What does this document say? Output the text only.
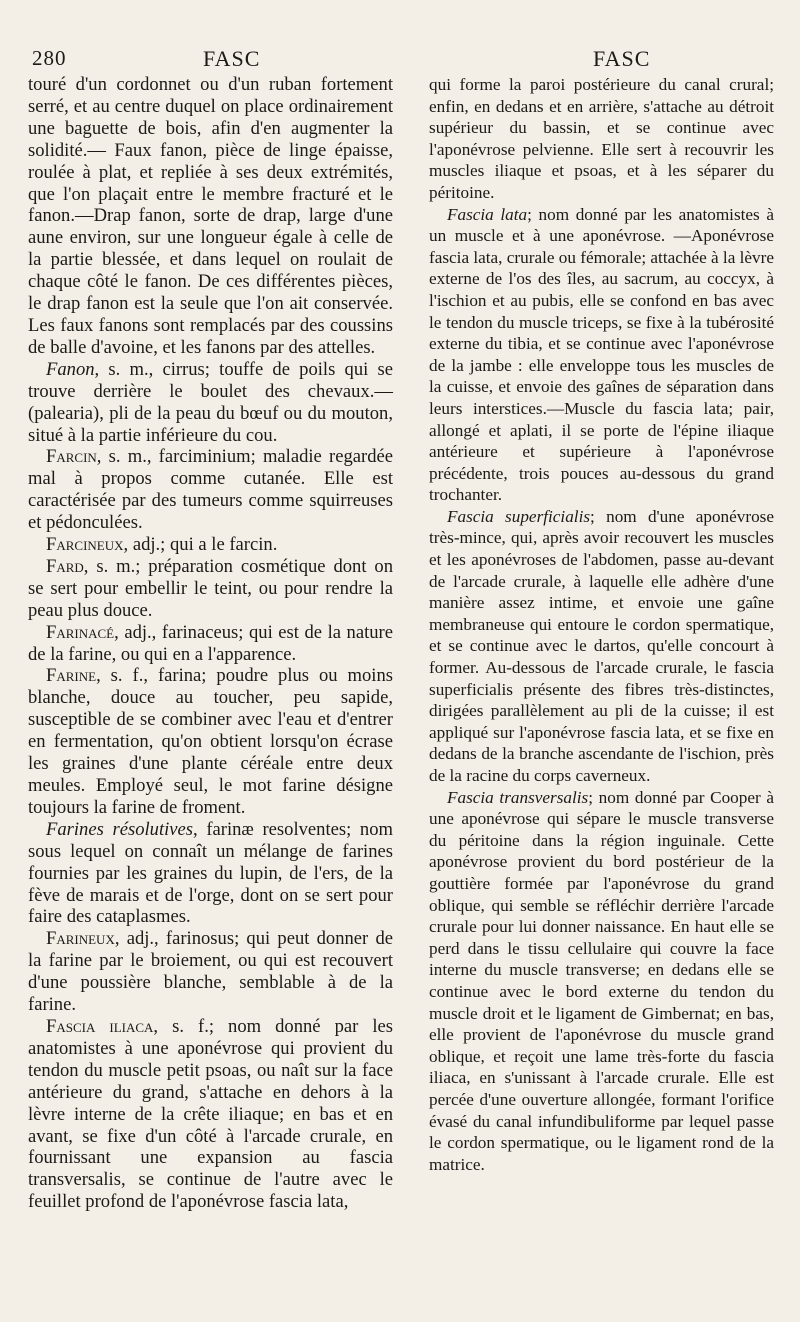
280	FASC	FASC

touré d'un cordonnet ou d'un ruban fortement serré, et au centre duquel on place ordinairement une baguette de bois, afin d'en augmenter la solidité.— Faux fanon, pièce de linge épaisse, roulée à plat, et repliée à ses deux extrémités, que l'on plaçait entre le membre fracturé et le fanon.—Drap fanon, sorte de drap, large d'une aune environ, sur une longueur égale à celle de la partie blessée, et dans lequel on roulait de chaque côté le fanon. De ces différentes pièces, le drap fanon est la seule que l'on ait conservée. Les faux fanons sont remplacés par des coussins de balle d'avoine, et les fanons par des attelles.

Fanon, s. m., cirrus; touffe de poils qui se trouve derrière le boulet des chevaux.—(palearia), pli de la peau du bœuf ou du mouton, situé à la partie inférieure du cou.

Farcin, s. m., farciminium; maladie regardée mal à propos comme cutanée. Elle est caractérisée par des tumeurs comme squirreuses et pédonculées.

Farcineux, adj.; qui a le farcin.

Fard, s. m.; préparation cosmétique dont on se sert pour embellir le teint, ou pour rendre la peau plus douce.

Farinacé, adj., farinaceus; qui est de la nature de la farine, ou qui en a l'apparence.

Farine, s. f., farina; poudre plus ou moins blanche, douce au toucher, peu sapide, susceptible de se combiner avec l'eau et d'entrer en fermentation, qu'on obtient lorsqu'on écrase les graines d'une plante céréale entre deux meules. Employé seul, le mot farine désigne toujours la farine de froment.

Farines résolutives, farinæ resolventes; nom sous lequel on connaît un mélange de farines fournies par les graines du lupin, de l'ers, de la fève de marais et de l'orge, dont on se sert pour faire des cataplasmes.

Farineux, adj., farinosus; qui peut donner de la farine par le broiement, ou qui est recouvert d'une poussière blanche, semblable à de la farine.

Fascia iliaca, s. f.; nom donné par les anatomistes à une aponévrose qui provient du tendon du muscle petit psoas, ou naît sur la face antérieure du grand, s'attache en dehors à la lèvre interne de la crête iliaque; en bas et en avant, se fixe d'un côté à l'arcade crurale, en fournissant une expansion au fascia transversalis, se continue de l'autre avec le feuillet profond de l'aponévrose fascia lata,

qui forme la paroi postérieure du canal crural; enfin, en dedans et en arrière, s'attache au détroit supérieur du bassin, et se continue avec l'aponévrose pelvienne. Elle sert à recouvrir les muscles iliaque et psoas, et à les séparer du péritoine.

Fascia lata; nom donné par les anatomistes à un muscle et à une aponévrose. —Aponévrose fascia lata, crurale ou fémorale; attachée à la lèvre externe de l'os des îles, au sacrum, au coccyx, à l'ischion et au pubis, elle se confond en bas avec le tendon du muscle triceps, se fixe à la tubérosité externe du tibia, et se continue avec l'aponévrose de la jambe : elle enveloppe tous les muscles de la cuisse, et envoie des gaînes de séparation dans leurs interstices.—Muscle du fascia lata; pair, allongé et aplati, il se porte de l'épine iliaque antérieure et supérieure à l'aponévrose précédente, trois pouces au-dessous du grand trochanter.

Fascia superficialis; nom d'une aponévrose très-mince, qui, après avoir recouvert les muscles et les aponévroses de l'abdomen, passe au-devant de l'arcade crurale, à laquelle elle adhère d'une manière assez intime, et envoie une gaîne membraneuse qui entoure le cordon spermatique, et se continue avec le dartos, qu'elle concourt à former. Au-dessous de l'arcade crurale, le fascia superficialis présente des fibres très-distinctes, dirigées parallèlement au pli de la cuisse; il est appliqué sur l'aponévrose fascia lata, et se fixe en dedans de la branche ascendante de l'ischion, près de la racine du corps caverneux.

Fascia transversalis; nom donné par Cooper à une aponévrose qui sépare le muscle transverse du péritoine dans la région inguinale. Cette aponévrose provient du bord postérieur de la gouttière formée par l'aponévrose du grand oblique, qui semble se réfléchir derrière l'arcade crurale pour lui donner naissance. En haut elle se perd dans le tissu cellulaire qui couvre la face interne du muscle transverse; en dedans elle se continue avec le bord externe du tendon du muscle droit et le ligament de Gimbernat; en bas, elle provient de l'aponévrose du muscle grand oblique, et reçoit une lame très-forte du fascia iliaca, en s'unissant à l'arcade crurale. Elle est percée d'une ouverture allongée, formant l'orifice évasé du canal infundibuliforme par lequel passe le cordon spermatique, ou le ligament rond de la matrice.
